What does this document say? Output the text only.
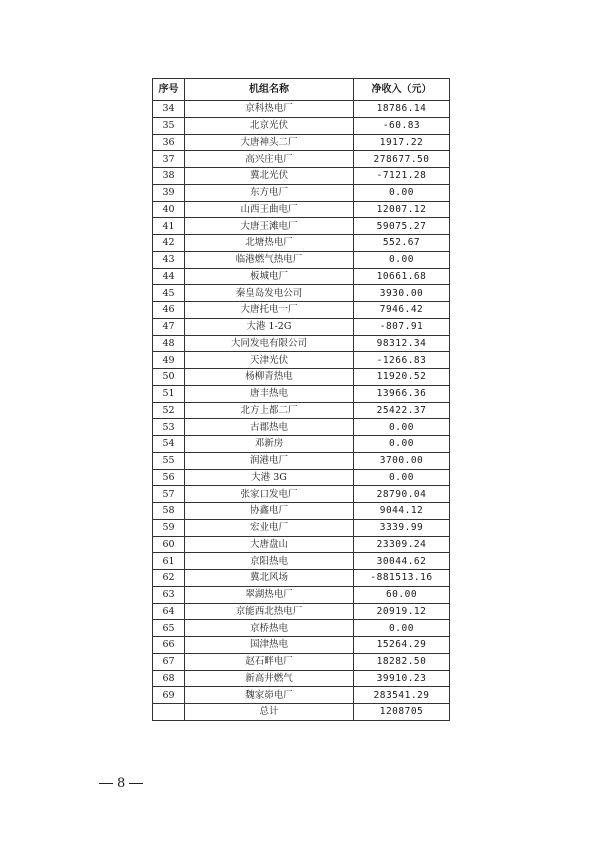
序号	机组名称	净收入（元）
34	京科热电厂	18786.14
35	北京光伏	-60.83
36	大唐神头二厂	1917.22
37	高兴庄电厂	278677.50
38	冀北光伏	-7121.28
39	东方电厂	0.00
40	山西王曲电厂	12007.12
41	大唐王滩电厂	59075.27
42	北塘热电厂	552.67
43	临港燃气热电厂	0.00
44	板城电厂	10661.68
45	秦皇岛发电公司	3930.00
46	大唐托电一厂	7946.42
47	大港 1-2G	-807.91
48	大同发电有限公司	98312.34
49	天津光伏	-1266.83
50	杨柳青热电	11920.52
51	唐丰热电	13966.36
52	北方上都二厂	25422.37
53	古郡热电	0.00
54	邓新房	0.00
55	润港电厂	3700.00
56	大港 3G	0.00
57	张家口发电厂	28790.04
58	协鑫电厂	9044.12
59	宏业电厂	3339.99
60	大唐盘山	23309.24
61	京阳热电	30044.62
62	冀北风场	-881513.16
63	翠湖热电厂	60.00
64	京能西北热电厂	20919.12
65	京桥热电	0.00
66	国津热电	15264.29
67	赵石畔电厂	18282.50
68	新高井燃气	39910.23
69	魏家峁电厂	283541.29
	总计	1208705
8
